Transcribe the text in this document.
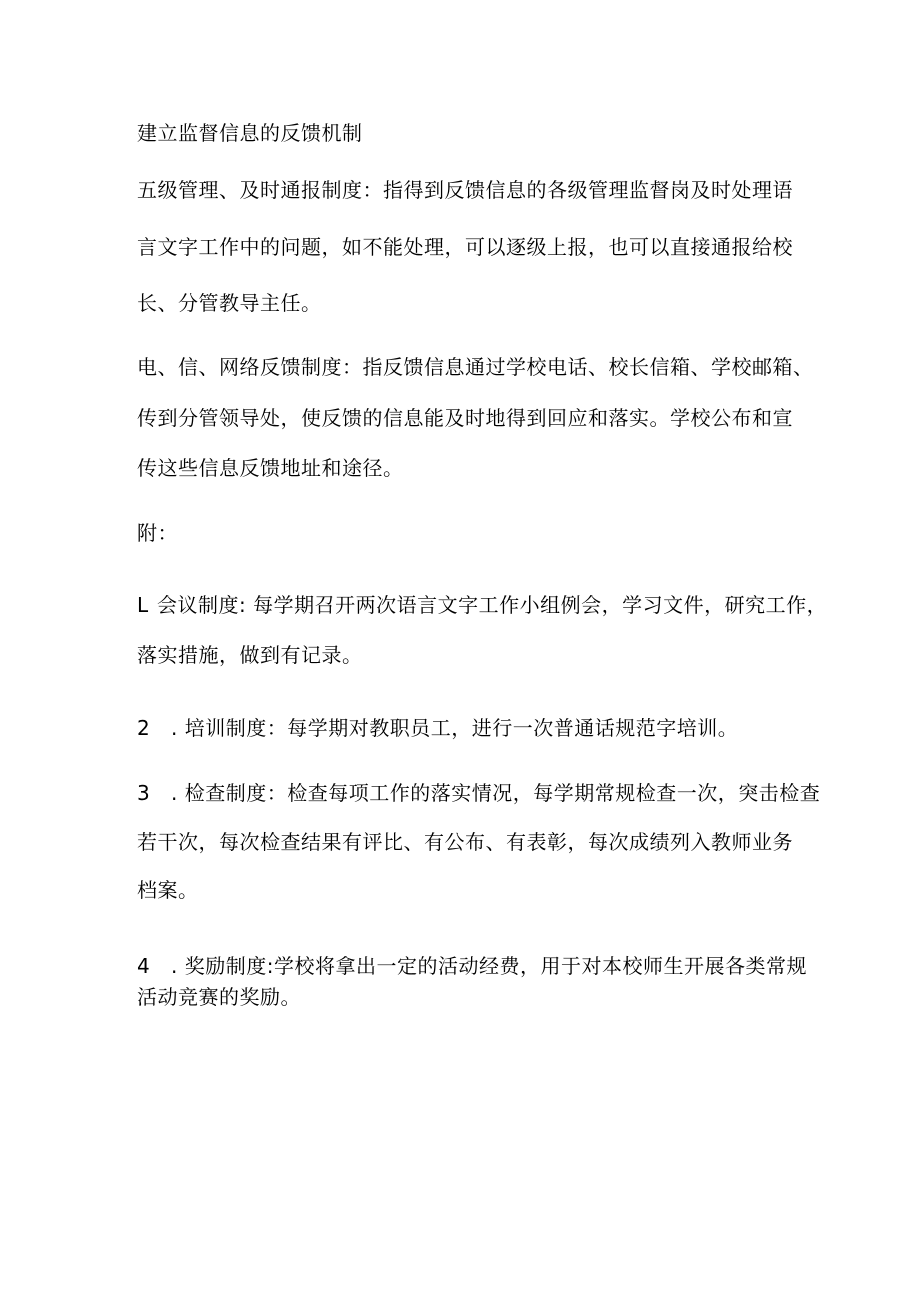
建立监督信息的反馈机制
五级管理、及时通报制度：指得到反馈信息的各级管理监督岗及时处理语
言文字工作中的问题，如不能处理，可以逐级上报，也可以直接通报给校
长、分管教导主任。
电、信、网络反馈制度：指反馈信息通过学校电话、校长信箱、学校邮箱、
传到分管领导处，使反馈的信息能及时地得到回应和落实。学校公布和宣
传这些信息反馈地址和途径。
附：
L 会议制度: 每学期召开两次语言文字工作小组例会，学习文件，研究工作，
落实措施，做到有记录。
2 . 培训制度：每学期对教职员工，进行一次普通话规范字培训。
3 . 检查制度：检查每项工作的落实情况，每学期常规检查一次，突击检查
若干次，每次检查结果有评比、有公布、有表彰，每次成绩列入教师业务
档案。
4 . 奖励制度:学校将拿出一定的活动经费，用于对本校师生开展各类常规
活动竞赛的奖励。
